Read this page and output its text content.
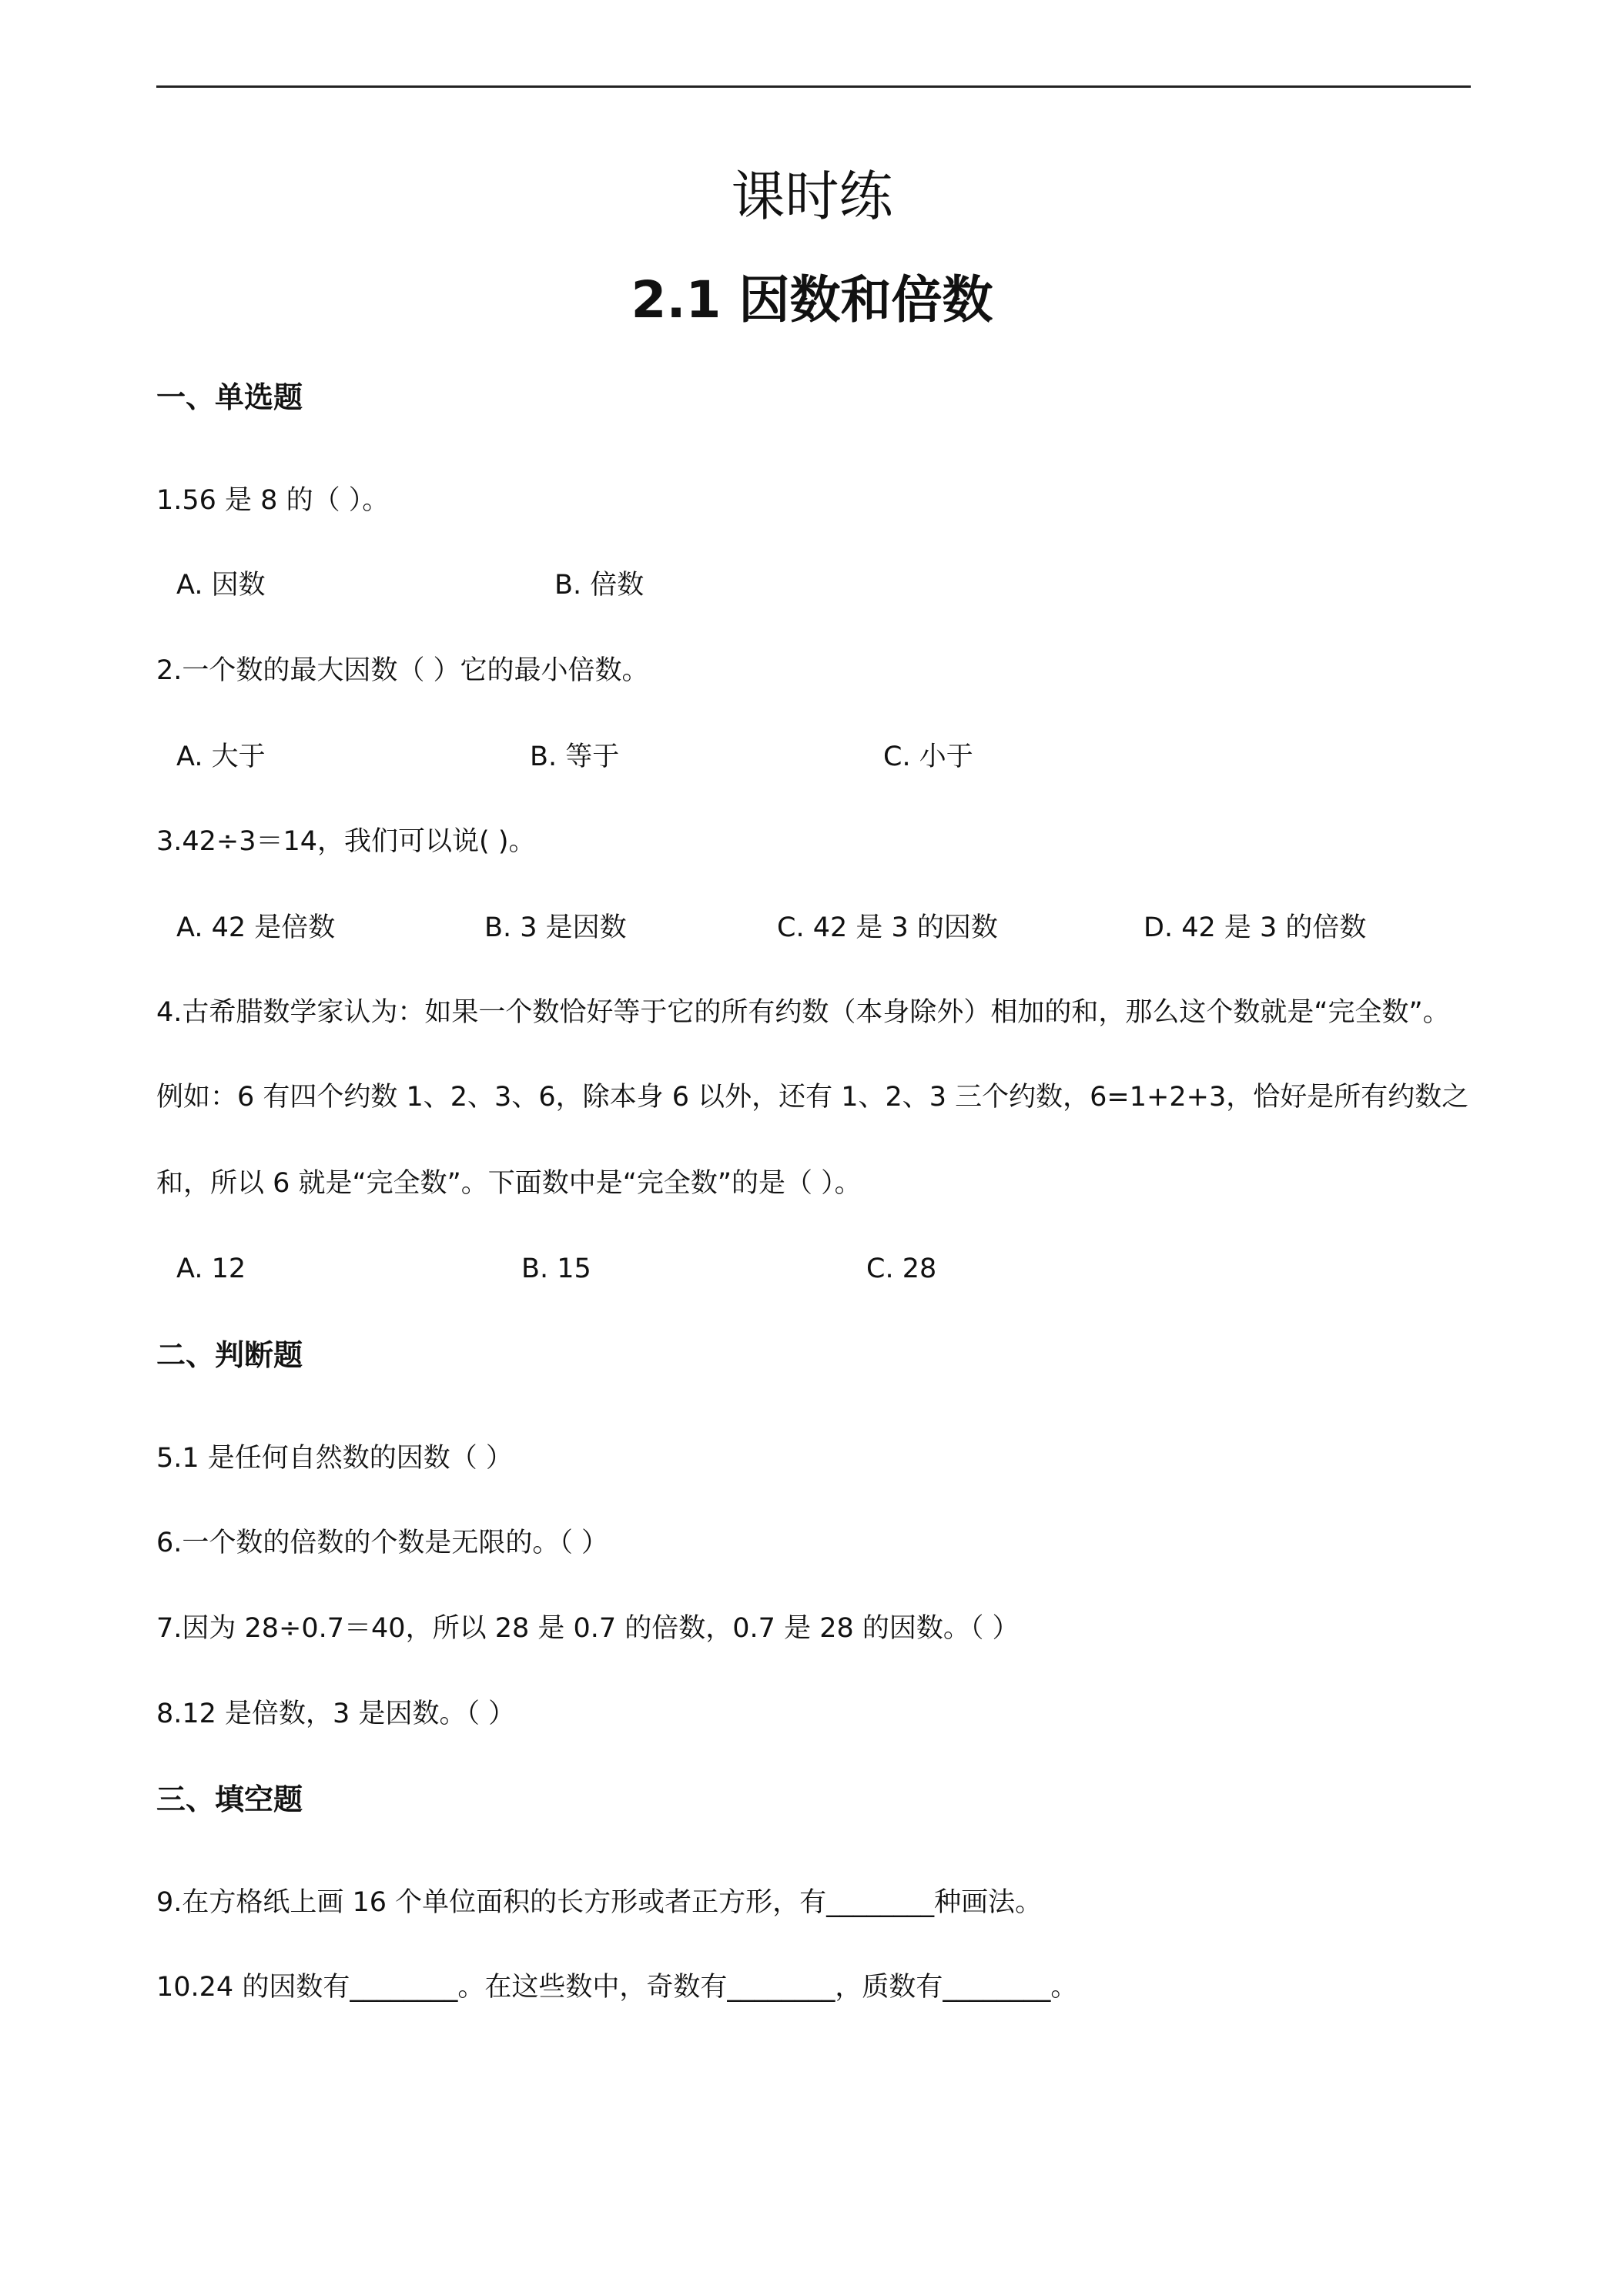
课时练
2.1 因数和倍数
一、单选题
1.56 是 8 的（ ）。
A. 因数	B. 倍数
2.一个数的最大因数（ ）它的最小倍数。
A. 大于	B. 等于	C. 小于
3.42÷3＝14，我们可以说( )。
A. 42 是倍数	B. 3 是因数	C. 42 是 3 的因数	D. 42 是 3 的倍数
4.古希腊数学家认为：如果一个数恰好等于它的所有约数（本身除外）相加的和，那么这个数就是“完全数”。
例如：6 有四个约数 1、2、3、6，除本身 6 以外，还有 1、2、3 三个约数，6=1+2+3，恰好是所有约数之
和，所以 6 就是“完全数”。下面数中是“完全数”的是（ ）。
A. 12	B. 15	C. 28
二、判断题
5.1 是任何自然数的因数（ ）
6.一个数的倍数的个数是无限的。（ ）
7.因为 28÷0.7＝40，所以 28 是 0.7 的倍数，0.7 是 28 的因数。（ ）
8.12 是倍数，3 是因数。（ ）
三、填空题
9.在方格纸上画 16 个单位面积的长方形或者正方形，有________种画法。
10.24 的因数有________。在这些数中，奇数有________，质数有________。
